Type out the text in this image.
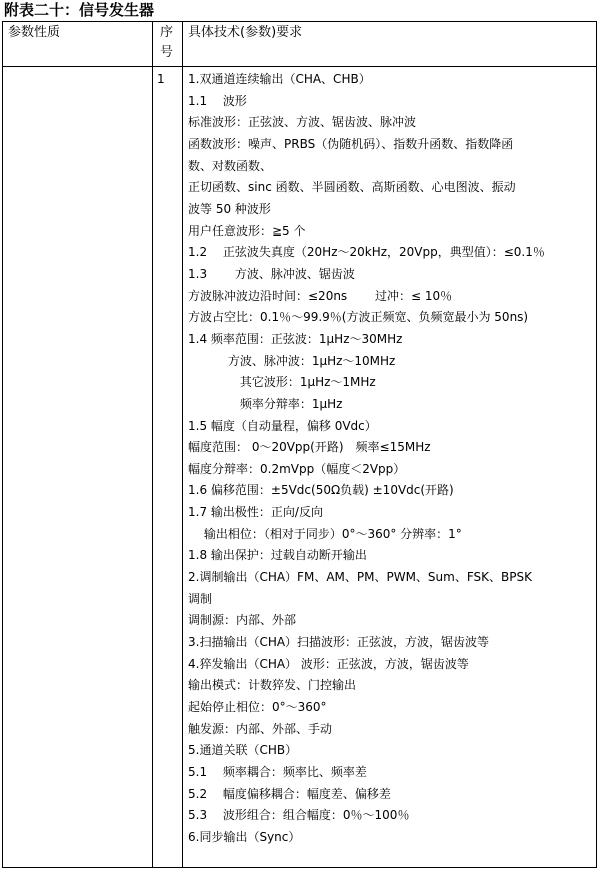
附表二十：信号发生器
参数性质	序
号
具体技术(参数)要求
1 1.双通道连续输出（CHA、CHB）
1.1　 波形
标准波形：正弦波、方波、锯齿波、脉冲波
函数波形：噪声、PRBS（伪随机码）、指数升函数、指数降函
数、对数函数、
正切函数、sinc 函数、半圆函数、高斯函数、心电图波、振动
波等 50 种波形
用户任意波形：≧5 个
1.2　 正弦波失真度（20Hz～20kHz，20Vpp，典型值）：≤0.1％
1.3　　 方波、脉冲波、锯齿波
方波脉冲波边沿时间：≤20ns　　 过冲：≤ 10％
方波占空比：0.1％～99.9％(方波正频宽、负频宽最小为 50ns)
1.4 频率范围：正弦波：1μHz～30MHz
　　　 方波、脉冲波：1μHz～10MHz
　　　　 其它波形：1μHz～1MHz
　　　　 频率分辩率：1μHz
1.5 幅度（自动量程，偏移 0Vdc）
幅度范围： 0～20Vpp(开路)　频率≤15MHz
幅度分辩率：0.2mVpp（幅度＜2Vpp）
1.6 偏移范围：±5Vdc(50Ω负载) ±10Vdc(开路)
1.7 输出极性：正向/反向
　 输出相位：（相对于同步）0°～360° 分辨率：1°
1.8 输出保护：过载自动断开输出
2.调制输出（CHA）FM、AM、PM、PWM、Sum、FSK、BPSK
调制
调制源：内部、外部
3.扫描输出（CHA）扫描波形：正弦波，方波，锯齿波等
4.猝发输出（CHA） 波形：正弦波，方波，锯齿波等
输出模式：计数猝发、门控输出
起始停止相位：0°～360°
触发源：内部、外部、手动
5.通道关联（CHB）
5.1　 频率耦合：频率比、频率差
5.2　 幅度偏移耦合：幅度差、偏移差
5.3　 波形组合：组合幅度：0％～100％
6.同步输出（Sync）
